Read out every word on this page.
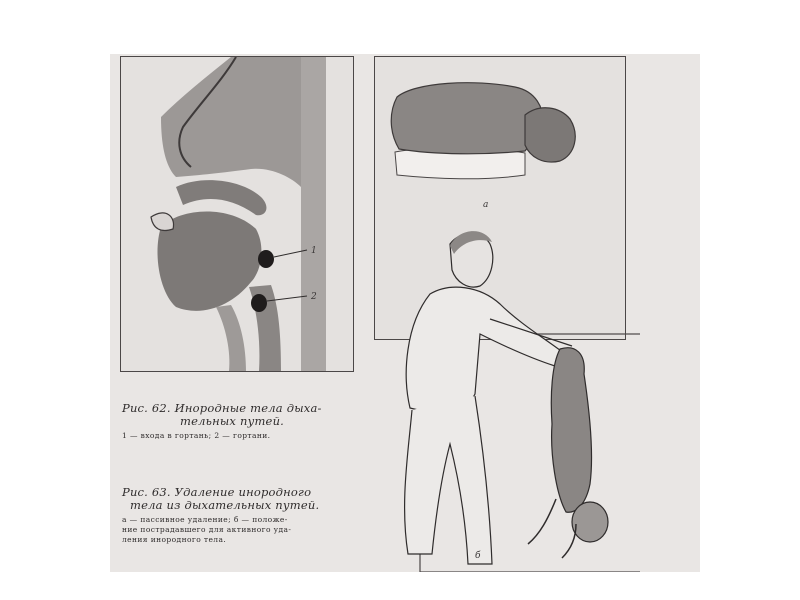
1
2
Рис. 62. Инородные тела дыха-
тельных путей.
1 — входа в гортань; 2 — гортани.
а
б
Рис. 63. Удаление инородного
тела из дыхательных путей.
а — пассивное удаление; б — положе-
ние пострадавшего для активного уда-
ления инородного тела.
